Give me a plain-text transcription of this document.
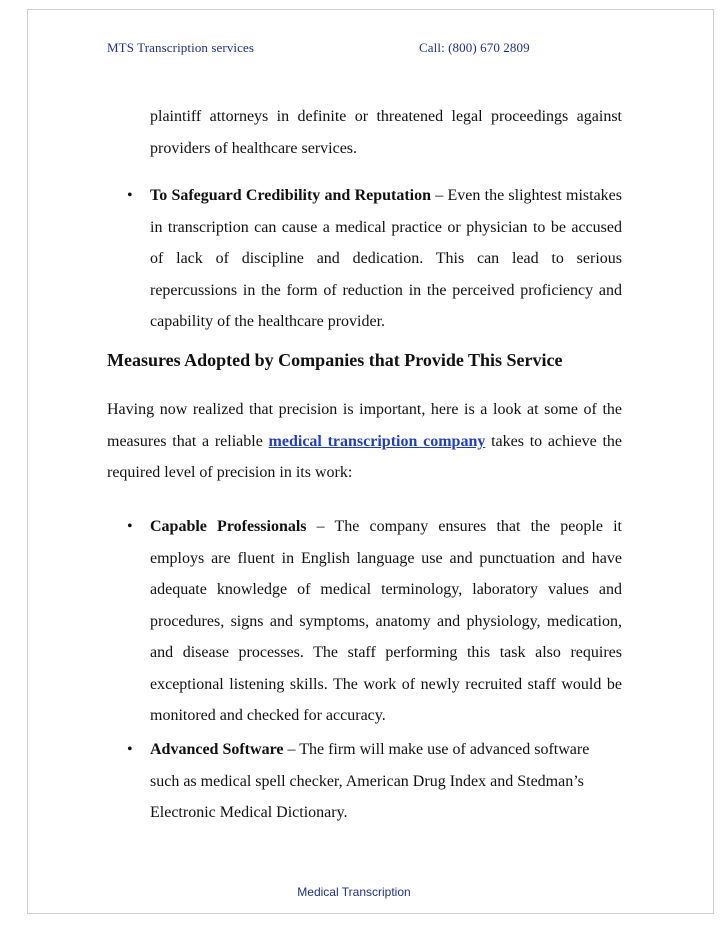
MTS Transcription services	Call: (800) 670 2809

plaintiff attorneys in definite or threatened legal proceedings against providers of healthcare services.

• To Safeguard Credibility and Reputation – Even the slightest mistakes in transcription can cause a medical practice or physician to be accused of lack of discipline and dedication. This can lead to serious repercussions in the form of reduction in the perceived proficiency and capability of the healthcare provider.

Measures Adopted by Companies that Provide This Service

Having now realized that precision is important, here is a look at some of the measures that a reliable medical transcription company takes to achieve the required level of precision in its work:

• Capable Professionals – The company ensures that the people it employs are fluent in English language use and punctuation and have adequate knowledge of medical terminology, laboratory values and procedures, signs and symptoms, anatomy and physiology, medication, and disease processes. The staff performing this task also requires exceptional listening skills. The work of newly recruited staff would be monitored and checked for accuracy.

• Advanced Software – The firm will make use of advanced software such as medical spell checker, American Drug Index and Stedman’s Electronic Medical Dictionary.

Medical Transcription
